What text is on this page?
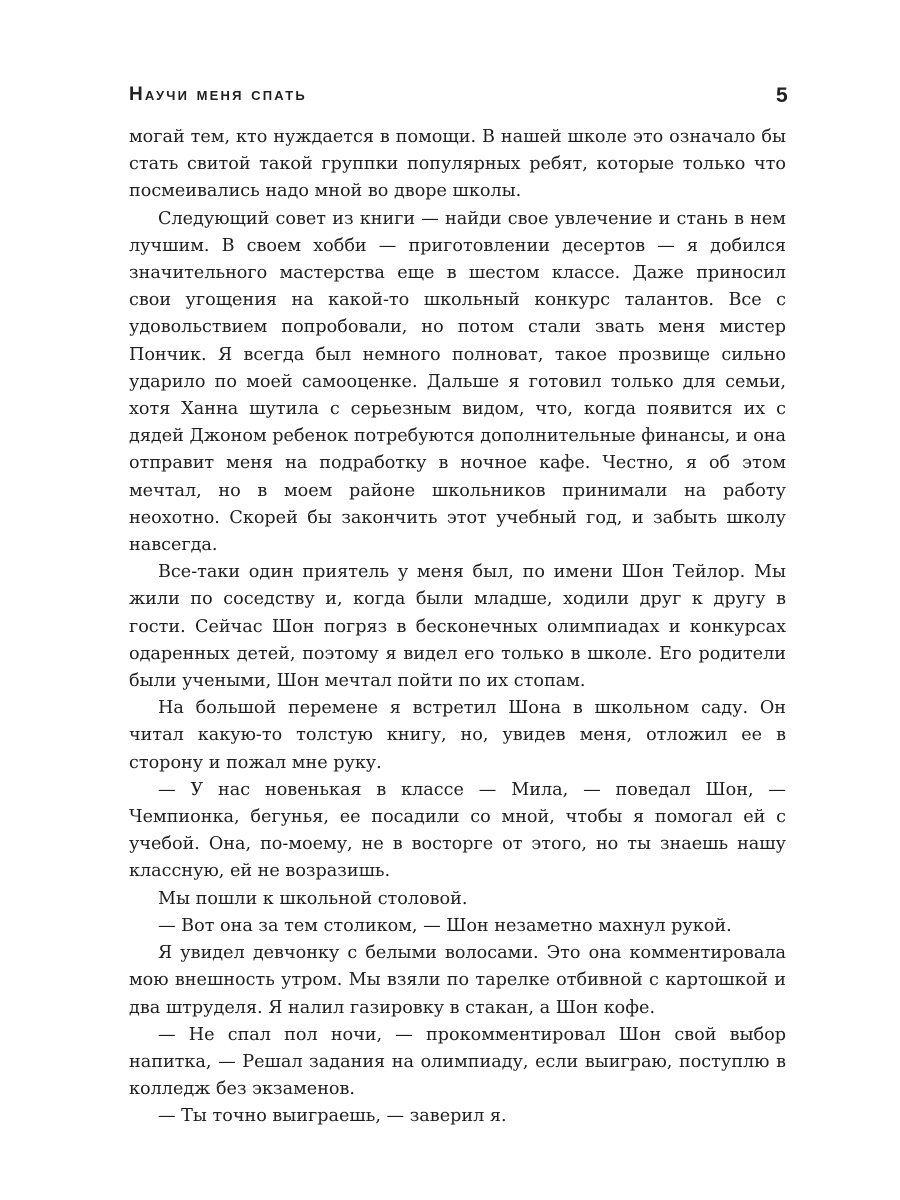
Научи меня спать	5

могай тем, кто нуждается в помощи. В нашей школе это означало бы стать свитой такой группки популярных ребят, которые только что посмеивались надо мной во дворе школы.

Следующий совет из книги — найди свое увлечение и стань в нем лучшим. В своем хобби — приготовлении десертов — я добился значительного мастерства еще в шестом классе. Даже приносил свои угощения на какой-то школьный конкурс талантов. Все с удовольствием попробовали, но потом стали звать меня мистер Пончик. Я всегда был немного полноват, такое прозвище сильно ударило по моей самооценке. Дальше я готовил только для семьи, хотя Ханна шутила с серьезным видом, что, когда появится их с дядей Джоном ребенок потребуются дополнительные финансы, и она отправит меня на подработку в ночное кафе. Честно, я об этом мечтал, но в моем районе школьников принимали на работу неохотно. Скорей бы закончить этот учебный год, и забыть школу навсегда.

Все-таки один приятель у меня был, по имени Шон Тейлор. Мы жили по соседству и, когда были младше, ходили друг к другу в гости. Сейчас Шон погряз в бесконечных олимпиадах и конкурсах одаренных детей, поэтому я видел его только в школе. Его родители были учеными, Шон мечтал пойти по их стопам.

На большой перемене я встретил Шона в школьном саду. Он читал какую-то толстую книгу, но, увидев меня, отложил ее в сторону и пожал мне руку.

— У нас новенькая в классе — Мила, — поведал Шон, — Чемпионка, бегунья, ее посадили со мной, чтобы я помогал ей с учебой. Она, по-моему, не в восторге от этого, но ты знаешь нашу классную, ей не возразишь.

Мы пошли к школьной столовой.

— Вот она за тем столиком, — Шон незаметно махнул рукой.

Я увидел девчонку с белыми волосами. Это она комментировала мою внешность утром. Мы взяли по тарелке отбивной с картошкой и два штруделя. Я налил газировку в стакан, а Шон кофе.

— Не спал пол ночи, — прокомментировал Шон свой выбор напитка, — Решал задания на олимпиаду, если выиграю, поступлю в колледж без экзаменов.

— Ты точно выиграешь, — заверил я.
